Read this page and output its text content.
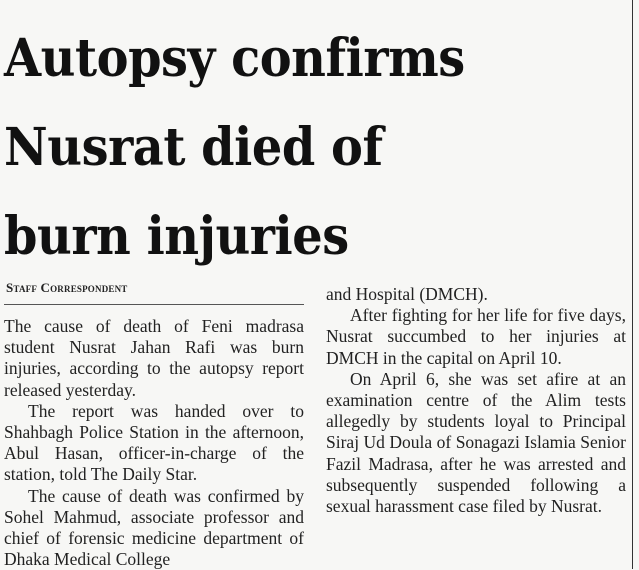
Autopsy confirms
Nusrat died of
burn injuries
Staff Correspondent

The cause of death of Feni madrasa student Nusrat Jahan Rafi was burn injuries, according to the autopsy report released yesterday.

The report was handed over to Shahbagh Police Station in the afternoon, Abul Hasan, officer-in-charge of the station, told The Daily Star.

The cause of death was confirmed by Sohel Mahmud, associate professor and chief of forensic medicine department of Dhaka Medical College

and Hospital (DMCH).

After fighting for her life for five days, Nusrat succumbed to her injuries at DMCH in the capital on April 10.

On April 6, she was set afire at an examination centre of the Alim tests allegedly by students loyal to Principal Siraj Ud Doula of Sonagazi Islamia Senior Fazil Madrasa, after he was arrested and subsequently suspended following a sexual harassment case filed by Nusrat.
